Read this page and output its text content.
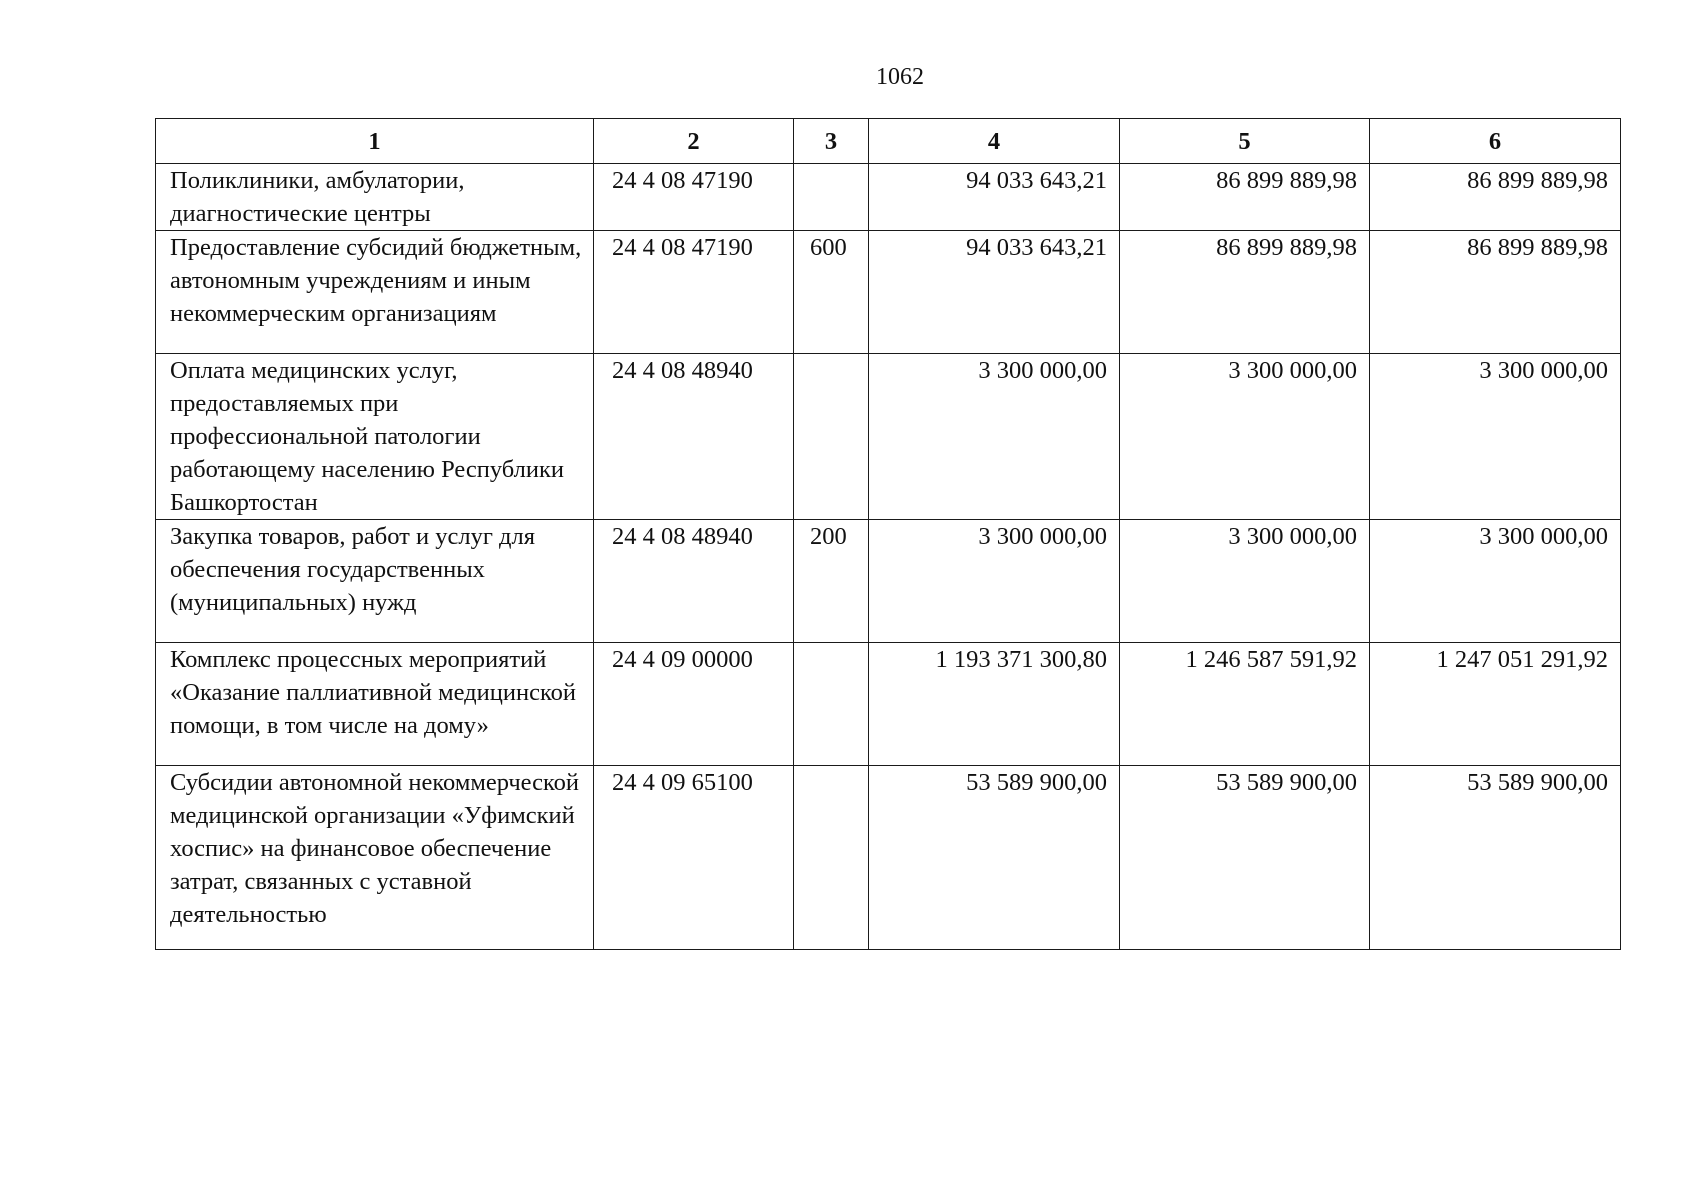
1062
1	2	3	4	5	6
Поликлиники, амбулатории, диагностические центры	24 4 08 47190		94 033 643,21	86 899 889,98	86 899 889,98
Предоставление субсидий бюджетным, автономным учреждениям и иным некоммерческим организациям	24 4 08 47190	600	94 033 643,21	86 899 889,98	86 899 889,98
Оплата медицинских услуг, предоставляемых при профессиональной патологии работающему населению Республики Башкортостан	24 4 08 48940		3 300 000,00	3 300 000,00	3 300 000,00
Закупка товаров, работ и услуг для обеспечения государственных (муниципальных) нужд	24 4 08 48940	200	3 300 000,00	3 300 000,00	3 300 000,00
Комплекс процессных мероприятий «Оказание паллиативной медицинской помощи, в том числе на дому»	24 4 09 00000		1 193 371 300,80	1 246 587 591,92	1 247 051 291,92
Субсидии автономной некоммерческой медицинской организации «Уфимский хоспис» на финансовое обеспечение затрат, связанных с уставной деятельностью	24 4 09 65100		53 589 900,00	53 589 900,00	53 589 900,00
